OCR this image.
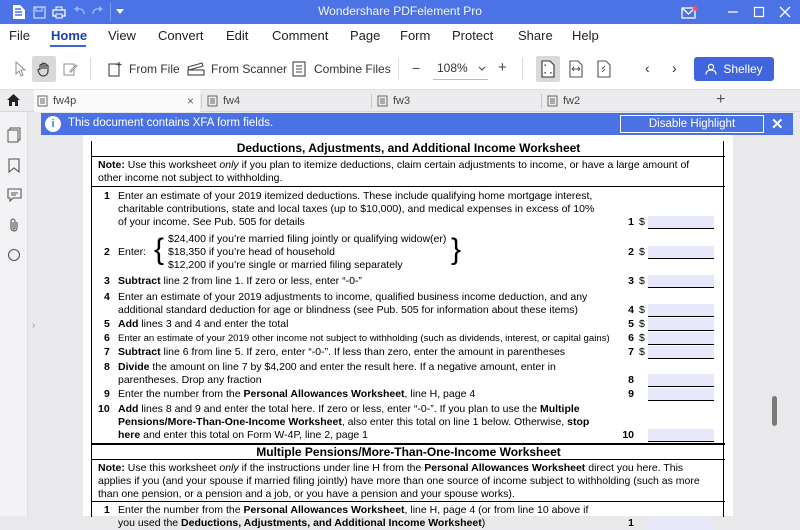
Wondershare PDFelement Pro
File Home View Convert Edit Comment Page Form Protect Share Help
From File	From Scanner Combine Files −	108%	+	‹ ›	Shelley
fw4p	×	fw4	fw3	fw2	+
›
i	This document contains XFA form fields.	Disable Highlight	✕
Deductions, Adjustments, and Additional Income Worksheet
Note: Use this worksheet only if you plan to itemize deductions, claim certain adjustments to income, or have a large amount of
other income not subject to withholding.
1 Enter an estimate of your 2019 itemized deductions. These include qualifying home mortgage interest,
charitable contributions, state and local taxes (up to $10,000), and medical expenses in excess of 10%
of your income. See Pub. 505 for details	1 $
2 Enter: { $24,400 if you’re married filing jointly or qualifying widow(er)
$18,350 if you’re head of household
$12,200 if you’re single or married filing separately }	2 $
3 Subtract line 2 from line 1. If zero or less, enter “-0-”	3 $
4 Enter an estimate of your 2019 adjustments to income, qualified business income deduction, and any
additional standard deduction for age or blindness (see Pub. 505 for information about these items)	4 $
5 Add lines 3 and 4 and enter the total	5 $
6 Enter an estimate of your 2019 other income not subject to withholding (such as dividends, interest, or capital gains)	6 $
7 Subtract line 6 from line 5. If zero, enter “-0-”. If less than zero, enter the amount in parentheses	7 $
8 Divide the amount on line 7 by $4,200 and enter the result here. If a negative amount, enter in
parentheses. Drop any fraction	8
9 Enter the number from the Personal Allowances Worksheet, line H, page 4	9
10 Add lines 8 and 9 and enter the total here. If zero or less, enter “-0-”. If you plan to use the Multiple
Pensions/More-Than-One-Income Worksheet, also enter this total on line 1 below. Otherwise, stop
here and enter this total on Form W-4P, line 2, page 1	10
Multiple Pensions/More-Than-One-Income Worksheet
Note: Use this worksheet only if the instructions under line H from the Personal Allowances Worksheet direct you here. This
applies if you (and your spouse if married filing jointly) have more than one source of income subject to withholding (such as more
than one pension, or a pension and a job, or you have a pension and your spouse works).
1 Enter the number from the Personal Allowances Worksheet, line H, page 4 (or from line 10 above if
you used the Deductions, Adjustments, and Additional Income Worksheet)	1
